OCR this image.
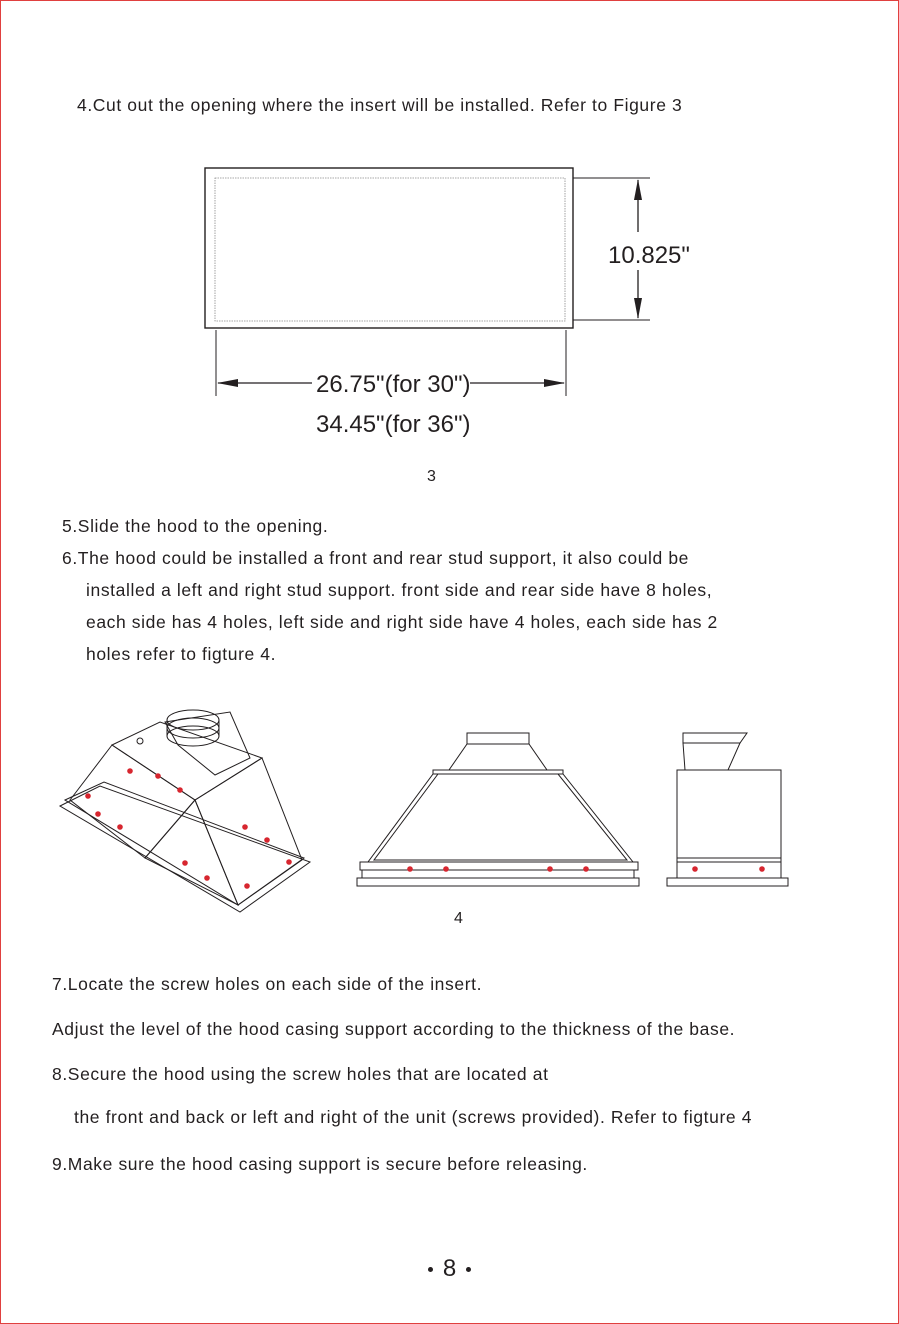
4.Cut out the opening where the insert will be installed. Refer to Figure 3
10.825"
26.75"(for 30")
34.45"(for 36")
3
5.Slide the hood to the opening.
6.The hood could be installed a front and rear stud support, it also could be
installed a left and right stud support. front side and rear side have 8 holes,
each side has 4 holes, left side and right side have 4 holes, each side has 2
holes refer to figture 4.
4
7.Locate the screw holes on each side of the insert.
Adjust the level of the hood casing support according to the thickness of the base.
8.Secure the hood using the screw holes that are located at
the front and back or left and right of the unit (screws provided). Refer to figture 4
9.Make sure the hood casing support is secure before releasing.
8
